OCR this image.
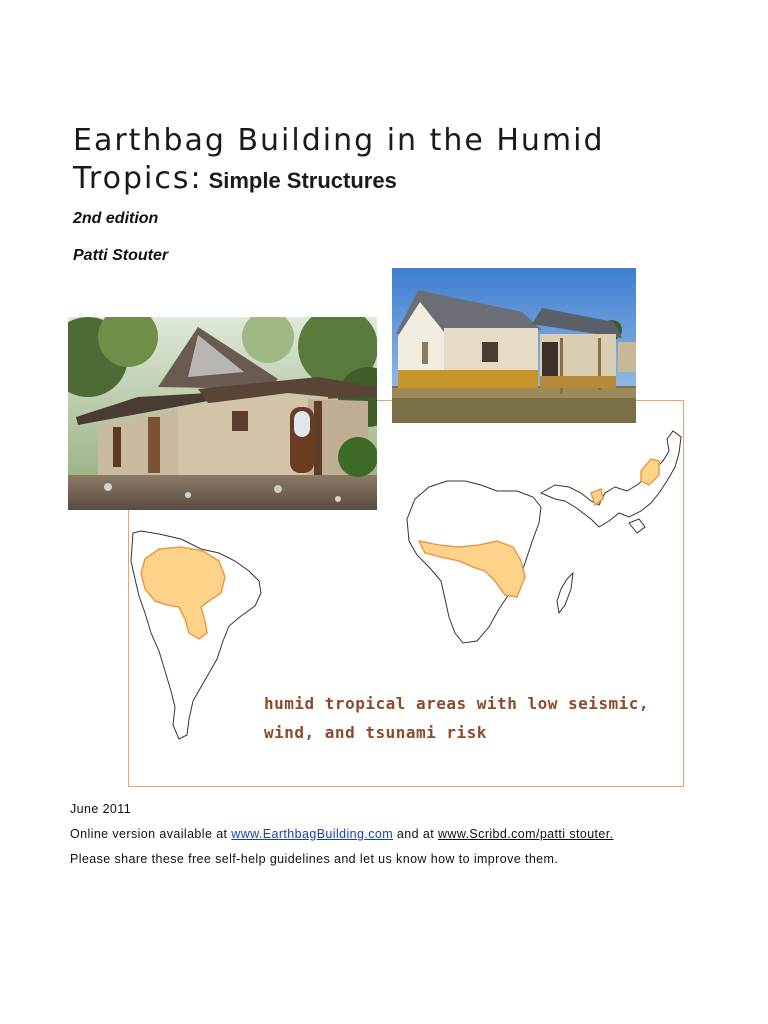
Earthbag Building in the Humid Tropics: Simple Structures

2nd edition

Patti Stouter

humid tropical areas with low seismic,
wind, and tsunami risk

June 2011

Online version available at www.EarthbagBuilding.com and at www.Scribd.com/patti stouter.

Please share these free self-help guidelines and let us know how to improve them.
